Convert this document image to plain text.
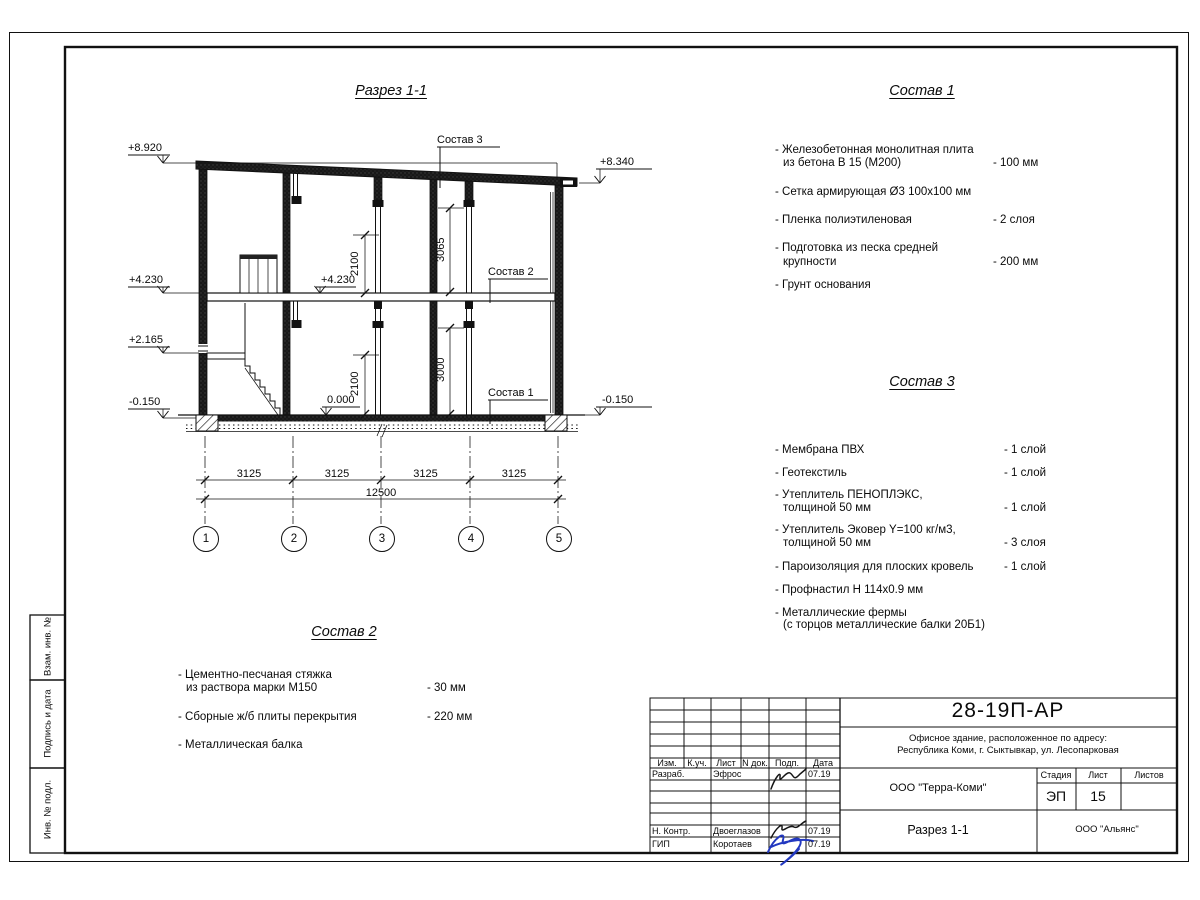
Разрез 1-1	Состав 1
Состав 2
Состав 3
+8.920
+4.230
+2.165
-0.150
+8.340
-0.150
+4.230
0.000
2100
3065
2100
3000
Состав 3
Состав 2
Состав 1
3125	3125	3125	3125
12500
1	2	3	4	5
- Железобетонная монолитная плита
из бетона В 15 (М200)	- 100 мм
- Сетка армирующая Ø3 100х100 мм
- Пленка полиэтиленовая	- 2 слоя
- Подготовка из песка средней
крупности	- 200 мм
- Грунт основания
- Мембрана ПВХ	- 1 слой
- Геотекстиль	- 1 слой
- Утеплитель ПЕНОПЛЭКС,
толщиной 50 мм	- 1 слой
- Утеплитель Эковер Y=100 кг/м3,
толщиной 50 мм	- 3 слоя
- Пароизоляция для плоских кровель	- 1 слой
- Профнастил Н 114х0.9 мм
- Металлические фермы
(с торцов металлические балки 20Б1)
- Цементно-песчаная стяжка
из раствора марки М150	- 30 мм
- Сборные ж/б плиты перекрытия	- 220 мм
- Металлическая балка
Взам. инв. №
Подпись и дата
Инв. № подл.
28-19П-АР
Офисное здание, расположенное по адресу:
Республика Коми, г. Сыктывкар, ул. Лесопарковая
ООО "Терра-Коми"
Разрез 1-1	ООО "Альянс"
Изм. К.уч. Лист N док. Подп. Дата
Разраб.	Эфрос	07.19
Н. Контр.	Двоеглазов	07.19
ГИП	Коротаев	07.19
Стадия Лист	Листов
ЭП 15
